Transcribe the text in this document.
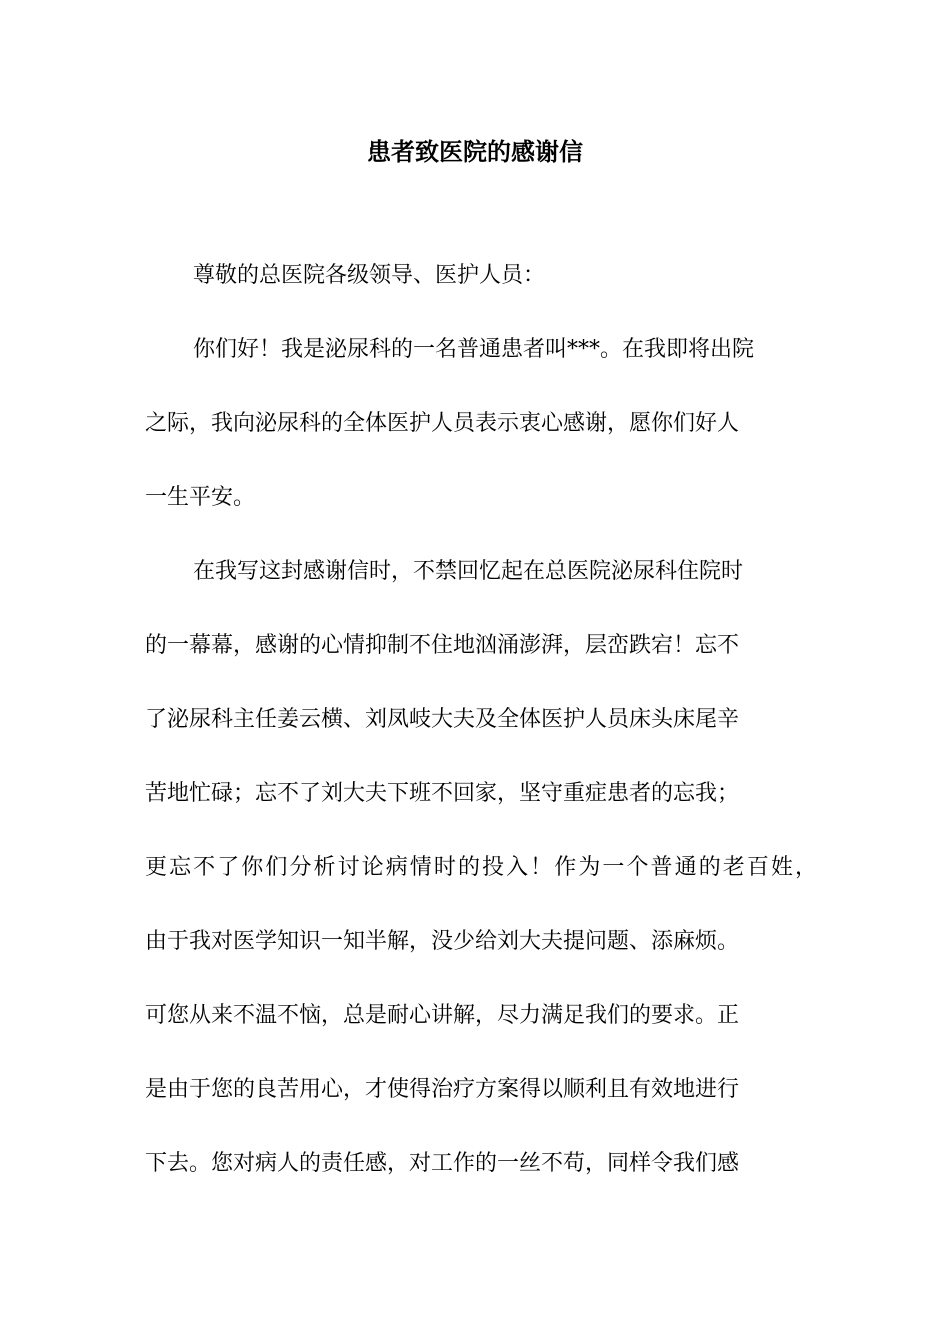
患者致医院的感谢信
尊敬的总医院各级领导、医护人员：
你们好！我是泌尿科的一名普通患者叫***。在我即将出院
之际，我向泌尿科的全体医护人员表示衷心感谢，愿你们好人
一生平安。
在我写这封感谢信时，不禁回忆起在总医院泌尿科住院时
的一幕幕，感谢的心情抑制不住地汹涌澎湃，层峦跌宕！忘不
了泌尿科主任姜云横、刘凤岐大夫及全体医护人员床头床尾辛
苦地忙碌；忘不了刘大夫下班不回家，坚守重症患者的忘我；
更忘不了你们分析讨论病情时的投入！作为一个普通的老百姓，
由于我对医学知识一知半解，没少给刘大夫提问题、添麻烦。
可您从来不温不恼，总是耐心讲解，尽力满足我们的要求。正
是由于您的良苦用心，才使得治疗方案得以顺利且有效地进行
下去。您对病人的责任感，对工作的一丝不苟，同样令我们感
